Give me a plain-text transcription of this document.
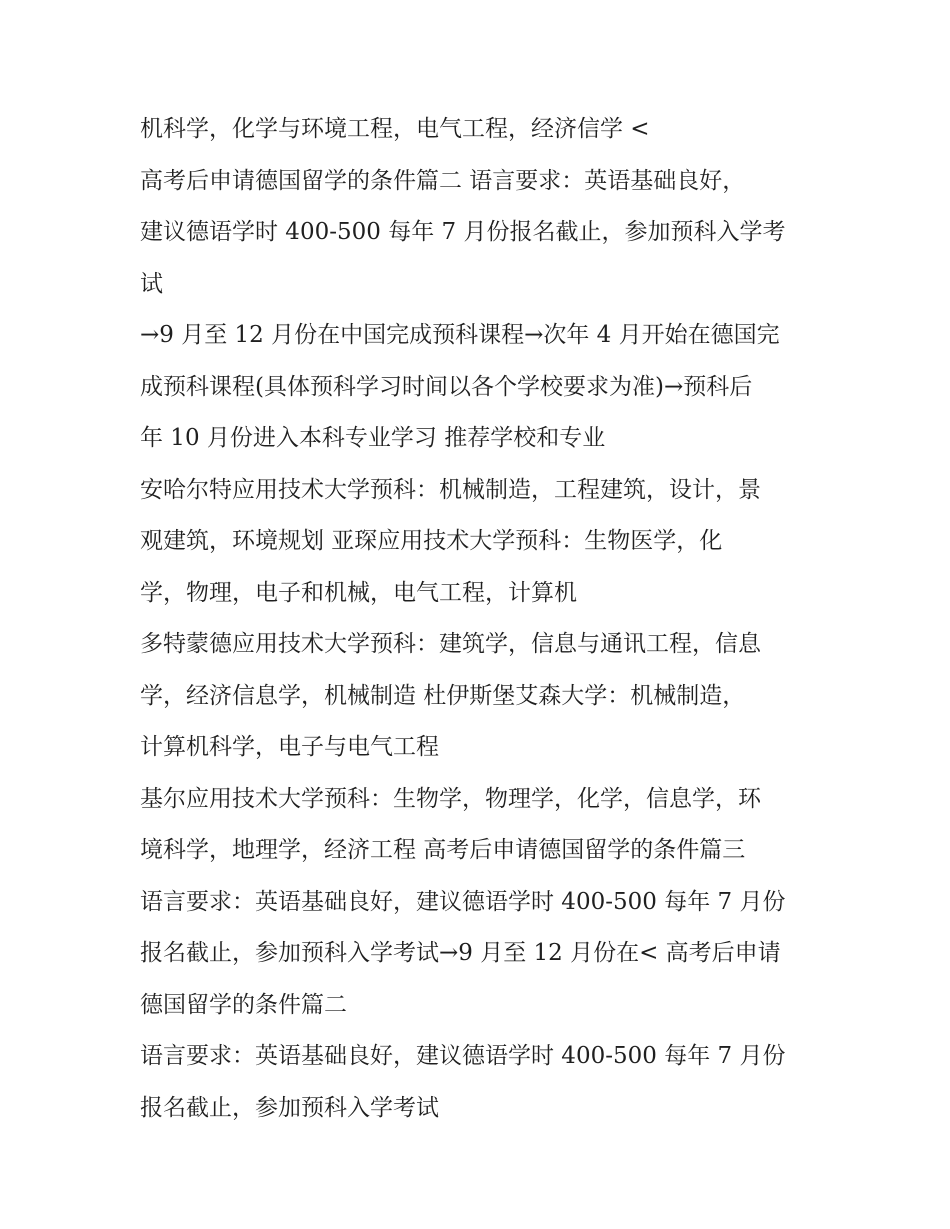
机科学，化学与环境工程，电气工程，经济信学 <
高考后申请德国留学的条件篇二 语言要求：英语基础良好，
建议德语学时 400-500 每年 7 月份报名截止，参加预科入学考
试
→9 月至 12 月份在中国完成预科课程→次年 4 月开始在德国完
成预科课程(具体预科学习时间以各个学校要求为准)→预科后
年 10 月份进入本科专业学习 推荐学校和专业
安哈尔特应用技术大学预科：机械制造，工程建筑，设计，景
观建筑，环境规划 亚琛应用技术大学预科：生物医学，化
学，物理，电子和机械，电气工程，计算机
多特蒙德应用技术大学预科：建筑学，信息与通讯工程，信息
学，经济信息学，机械制造 杜伊斯堡艾森大学：机械制造，
计算机科学，电子与电气工程
基尔应用技术大学预科：生物学，物理学，化学，信息学，环
境科学，地理学，经济工程 高考后申请德国留学的条件篇三
语言要求：英语基础良好，建议德语学时 400-500 每年 7 月份
报名截止，参加预科入学考试→9 月至 12 月份在< 高考后申请
德国留学的条件篇二
语言要求：英语基础良好，建议德语学时 400-500 每年 7 月份
报名截止，参加预科入学考试
